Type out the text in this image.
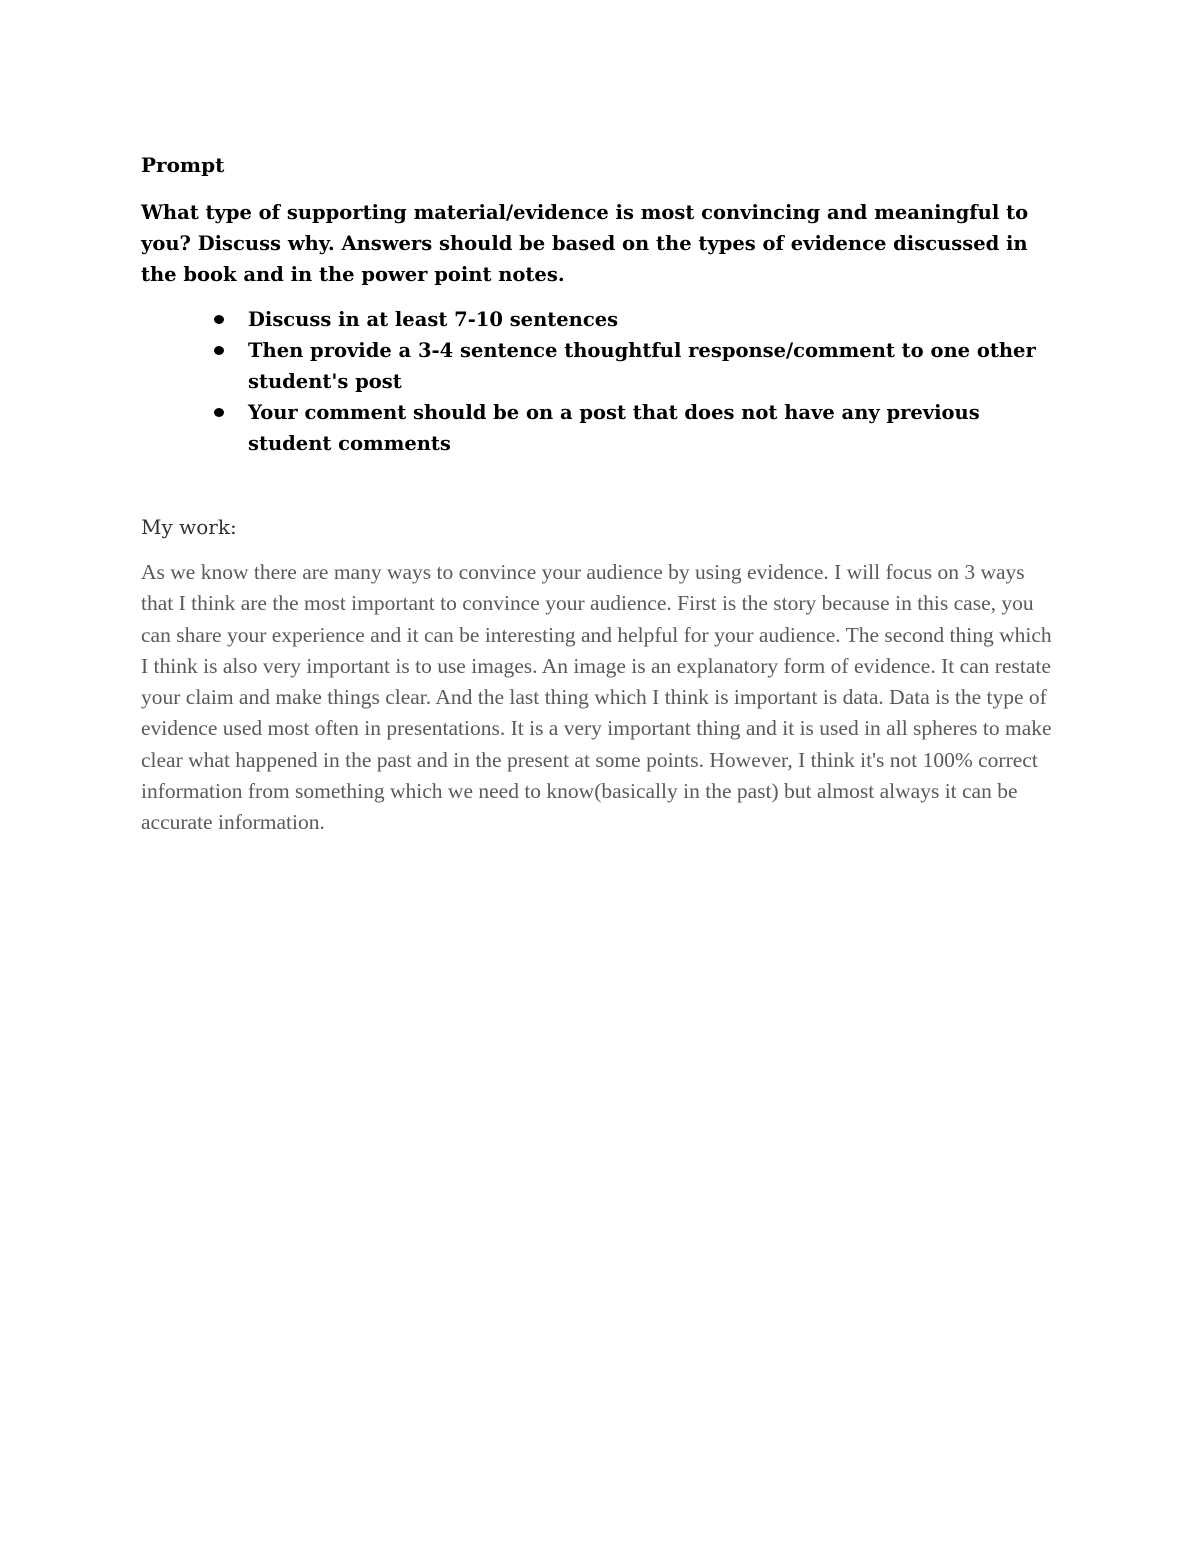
Prompt

What type of supporting material/evidence is most convincing and meaningful to you? Discuss why. Answers should be based on the types of evidence discussed in the book and in the power point notes.

Discuss in at least 7-10 sentences
Then provide a 3-4 sentence thoughtful response/comment to one other student's post
Your comment should be on a post that does not have any previous student comments
My work:

As we know there are many ways to convince your audience by using evidence. I will focus on 3 ways that I think are the most important to convince your audience. First is the story because in this case, you can share your experience and it can be interesting and helpful for your audience. The second thing which I think is also very important is to use images. An image is an explanatory form of evidence. It can restate your claim and make things clear. And the last thing which I think is important is data. Data is the type of evidence used most often in presentations. It is a very important thing and it is used in all spheres to make clear what happened in the past and in the present at some points. However, I think it's not 100% correct information from something which we need to know(basically in the past) but almost always it can be accurate information.
